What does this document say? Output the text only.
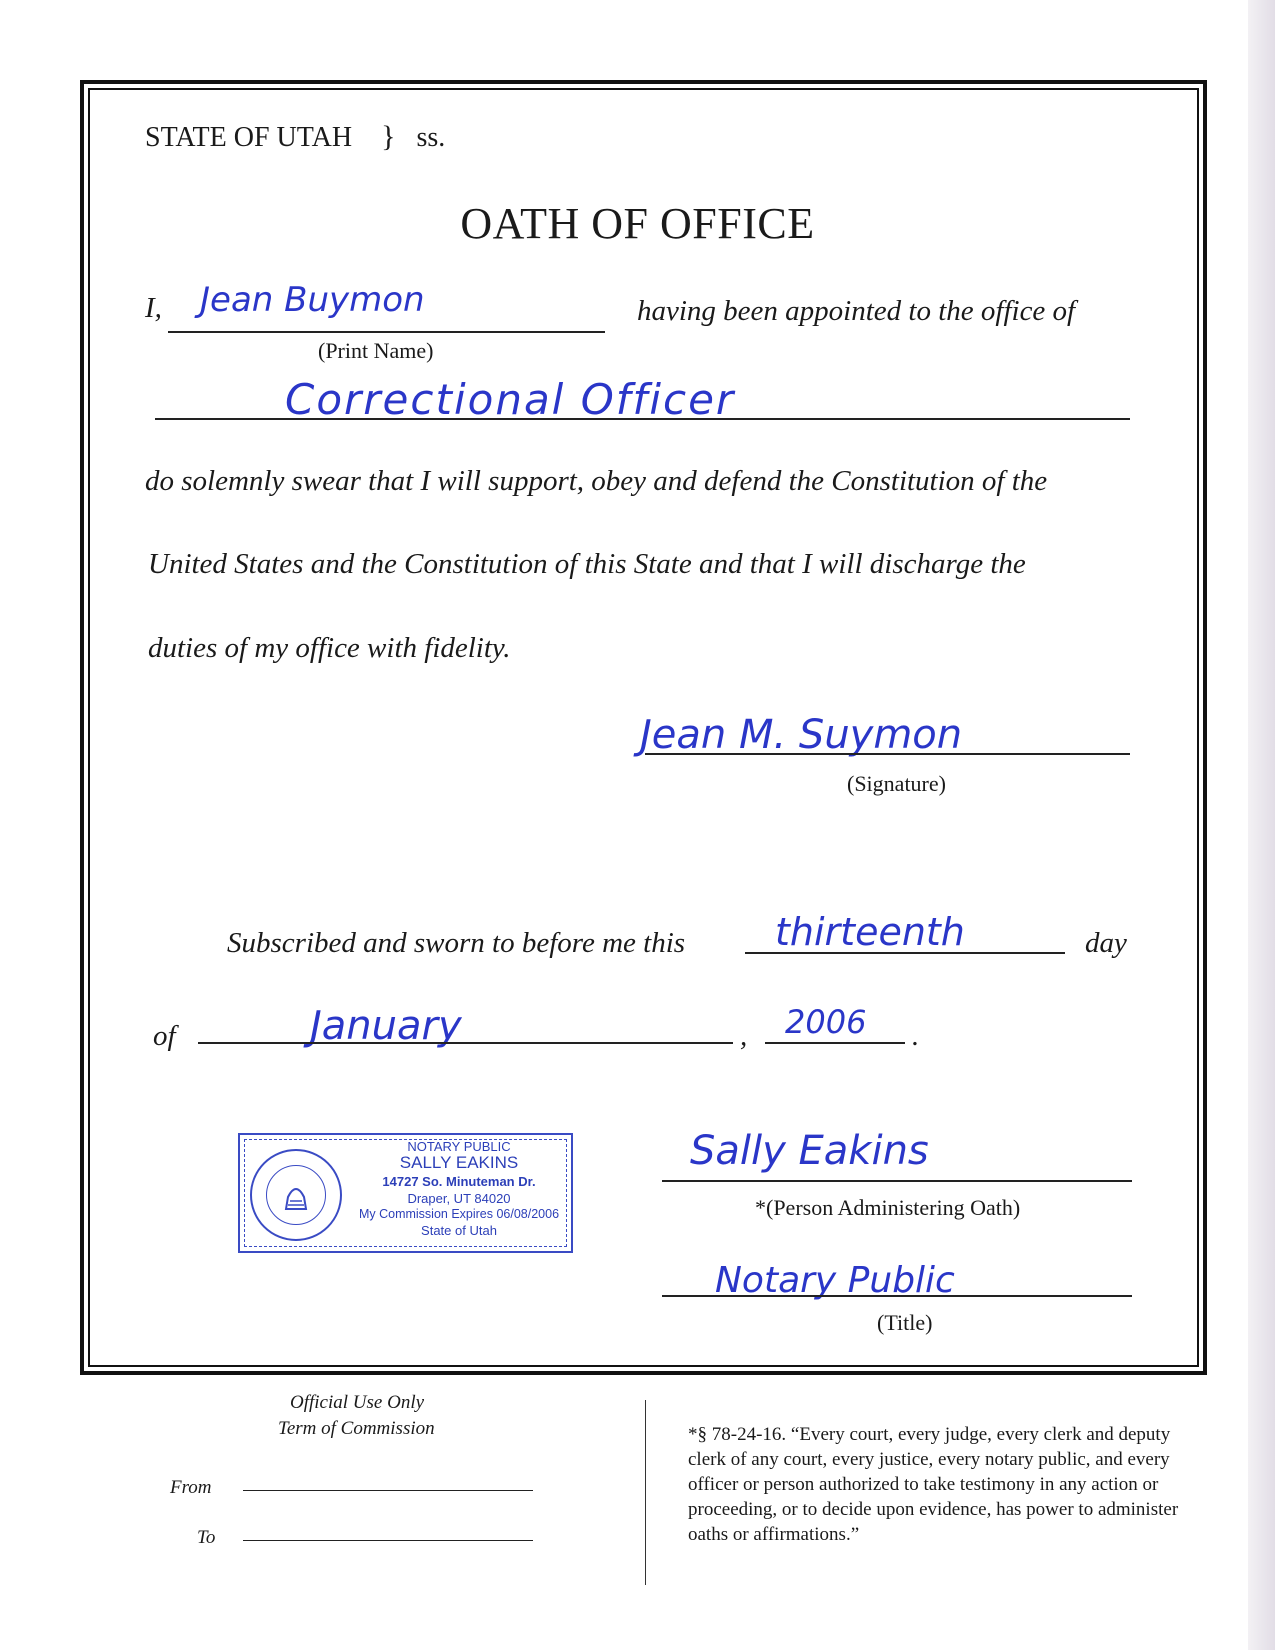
STATE OF UTAH } ss.
OATH OF OFFICE
I, Jean Buymon
(Print Name)
having been appointed to the office of
Correctional Officer
do solemnly swear that I will support, obey and defend the Constitution of the
United States and the Constitution of this State and that I will discharge the
duties of my office with fidelity.
Jean M. Suymon
(Signature)
Subscribed and sworn to before me this thirteenth	day
of	January	, 2006 .
NOTARY PUBLIC
SALLY EAKINS
14727 So. Minuteman Dr.
Draper, UT 84020
My Commission Expires 06/08/2006
State of Utah
Sally Eakins
*(Person Administering Oath)
Notary Public
(Title)
Official Use Only
Term of Commission
From
To
*§ 78-24-16. “Every court, every judge, every clerk and deputy clerk of any court, every justice, every notary public, and every officer or person authorized to take testimony in any action or proceeding, or to decide upon evidence, has power to administer oaths or affirmations.”
